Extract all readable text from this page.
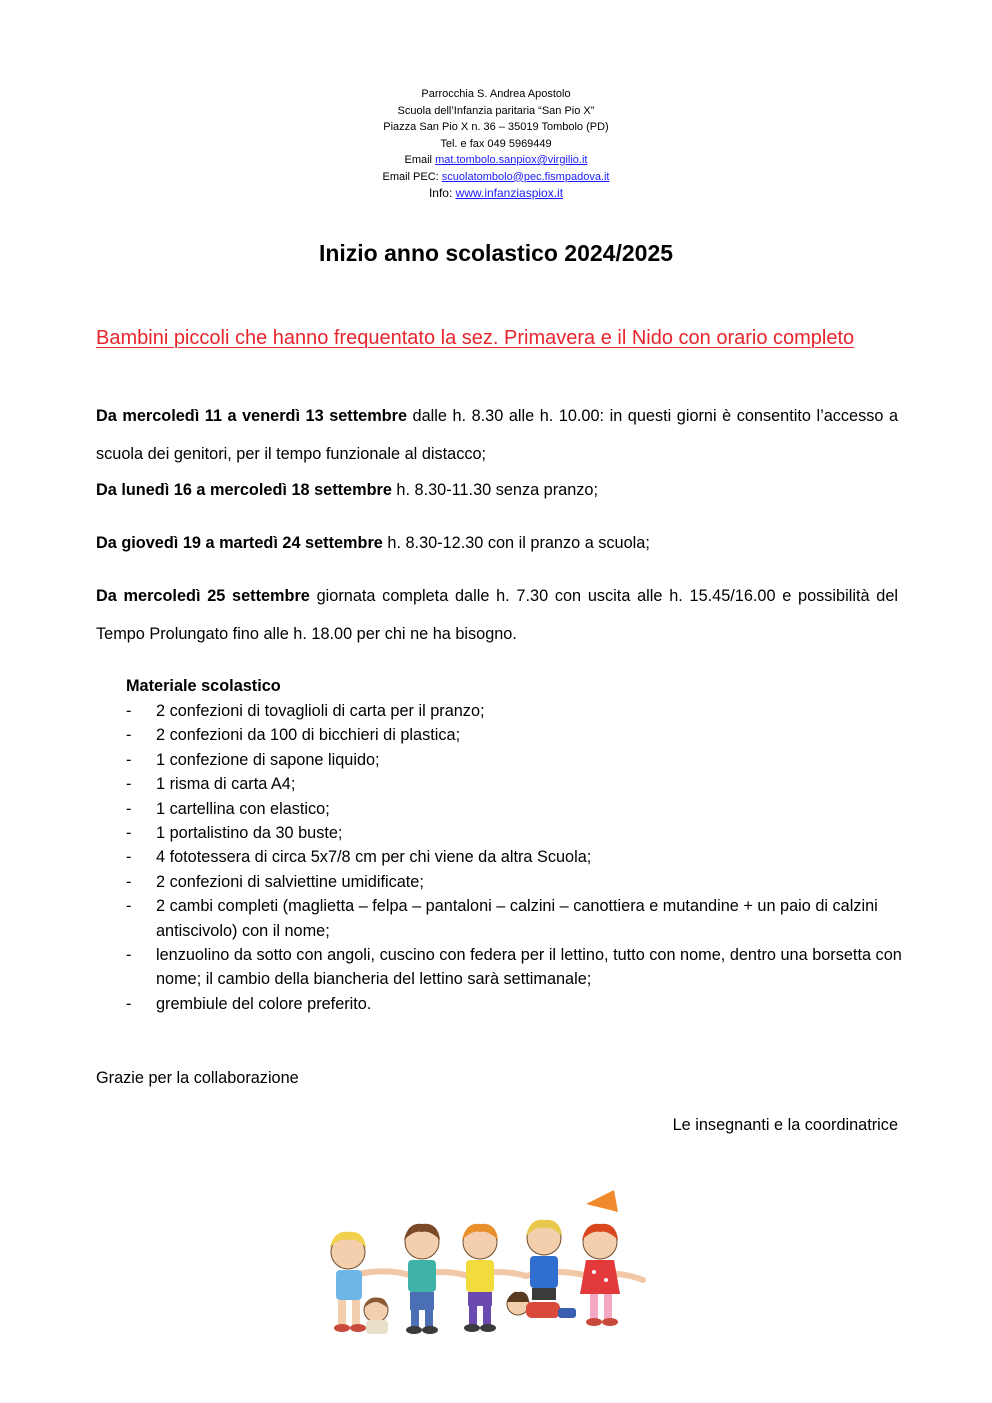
Parrocchia S. Andrea Apostolo
Scuola dell’Infanzia paritaria “San Pio X”
Piazza San Pio X n. 36 – 35019 Tombolo (PD)
Tel. e fax 049 5969449
Email mat.tombolo.sanpiox@virgilio.it
Email PEC: scuolatombolo@pec.fismpadova.it
Info: www.infanziaspiox.it
Inizio anno scolastico 2024/2025
Bambini piccoli che hanno frequentato la sez. Primavera e il Nido con orario completo
Da mercoledì 11 a venerdì 13 settembre dalle h. 8.30 alle h. 10.00: in questi giorni è consentito l’accesso a scuola dei genitori, per il tempo funzionale al distacco;
Da lunedì 16 a mercoledì 18 settembre h. 8.30-11.30 senza pranzo;
Da giovedì 19 a martedì 24 settembre h. 8.30-12.30 con il pranzo a scuola;
Da mercoledì 25 settembre giornata completa dalle h. 7.30 con uscita alle h. 15.45/16.00 e possibilità del Tempo Prolungato fino alle h. 18.00 per chi ne ha bisogno.
Materiale scolastico
- 2 confezioni di tovaglioli di carta per il pranzo;
- 2 confezioni da 100 di bicchieri di plastica;
- 1 confezione di sapone liquido;
- 1 risma di carta A4;
- 1 cartellina con elastico;
- 1 portalistino da 30 buste;
- 4 fototessera di circa 5x7/8 cm per chi viene da altra Scuola;
- 2 confezioni di salviettine umidificate;
- 2 cambi completi (maglietta – felpa – pantaloni – calzini – canottiera e mutandine + un paio di calzini antiscivolo) con il nome;
- lenzuolino da sotto con angoli, cuscino con federa per il lettino, tutto con nome, dentro una borsetta con nome; il cambio della biancheria del lettino sarà settimanale;
- grembiule del colore preferito.
Grazie per la collaborazione
Le insegnanti e la coordinatrice
